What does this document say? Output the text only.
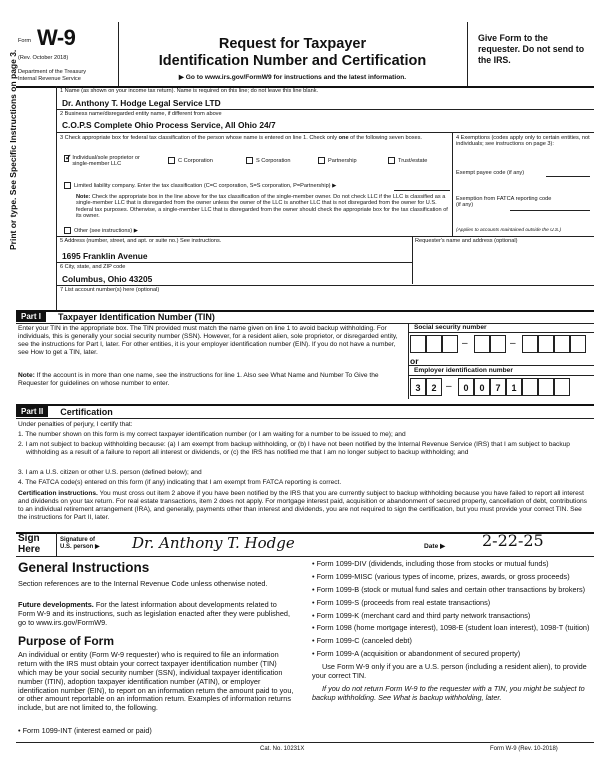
Form W-9
(Rev. October 2018)
Department of the Treasury
Internal Revenue Service
Request for Taxpayer
Identification Number and Certification
▶ Go to www.irs.gov/FormW9 for instructions and the latest information.
Give Form to the requester. Do not send to the IRS.
Print or type. See Specific Instructions on page 3.	1 Name (as shown on your income tax return). Name is required on this line; do not leave this line blank.
Dr. Anthony T. Hodge Legal Service LTD
2 Business name/disregarded entity name, if different from above
C.O.P.S Complete Ohio Process Service, All Ohio 24/7
3 Check appropriate box for federal tax classification of the person whose name is entered on line 1. Check only one of the following seven boxes.
✓
Individual/sole proprietor or single-member LLC
C Corporation	S Corporation	Partnership	Trust/estate
Limited liability company. Enter the tax classification (C=C corporation, S=S corporation, P=Partnership) ▶
Note: Check the appropriate box in the line above for the tax classification of the single-member owner. Do not check LLC if the LLC is classified as a single-member LLC that is disregarded from the owner unless the owner of the LLC is another LLC that is not disregarded from the owner for U.S. federal tax purposes. Otherwise, a single-member LLC that is disregarded from the owner should check the appropriate box for the tax classification of its owner.
Other (see instructions) ▶
4 Exemptions (codes apply only to certain entities, not individuals; see instructions on page 3):
Exempt payee code (if any)
Exemption from FATCA reporting code (if any)
(Applies to accounts maintained outside the U.S.)
5 Address (number, street, and apt. or suite no.) See instructions.
1695 Franklin Avenue
Requester's name and address (optional)
6 City, state, and ZIP code
Columbus, Ohio 43205
7 List account number(s) here (optional)
Part I	Taxpayer Identification Number (TIN)
Enter your TIN in the appropriate box. The TIN provided must match the name given on line 1 to avoid backup withholding. For individuals, this is generally your social security number (SSN). However, for a resident alien, sole proprietor, or disregarded entity, see the instructions for Part I, later. For other entities, it is your employer identification number (EIN). If you do not have a number, see How to get a TIN, later.
Note: If the account is in more than one name, see the instructions for line 1. Also see What Name and Number To Give the Requester for guidelines on whose number to enter.
Social security number
–	–
or
Employer identification number
3	2 –	0	0	7	1
Part II	Certification
Under penalties of perjury, I certify that:
1. The number shown on this form is my correct taxpayer identification number (or I am waiting for a number to be issued to me); and
2. I am not subject to backup withholding because: (a) I am exempt from backup withholding, or (b) I have not been notified by the Internal Revenue Service (IRS) that I am subject to backup withholding as a result of a failure to report all interest or dividends, or (c) the IRS has notified me that I am no longer subject to backup withholding; and
3. I am a U.S. citizen or other U.S. person (defined below); and
4. The FATCA code(s) entered on this form (if any) indicating that I am exempt from FATCA reporting is correct.
Certification instructions. You must cross out item 2 above if you have been notified by the IRS that you are currently subject to backup withholding because you have failed to report all interest and dividends on your tax return. For real estate transactions, item 2 does not apply. For mortgage interest paid, acquisition or abandonment of secured property, cancellation of debt, contributions to an individual retirement arrangement (IRA), and generally, payments other than interest and dividends, you are not required to sign the certification, but you must provide your correct TIN. See the instructions for Part II, later.
Sign
Here
Signature of
U.S. person ▶ Dr. Anthony T. Hodge	Date ▶ 2-22-25
General Instructions
Section references are to the Internal Revenue Code unless otherwise noted.
Future developments. For the latest information about developments related to Form W-9 and its instructions, such as legislation enacted after they were published, go to www.irs.gov/FormW9.
Purpose of Form
An individual or entity (Form W-9 requester) who is required to file an information return with the IRS must obtain your correct taxpayer identification number (TIN) which may be your social security number (SSN), individual taxpayer identification number (ITIN), adoption taxpayer identification number (ATIN), or employer identification number (EIN), to report on an information return the amount paid to you, or other amount reportable on an information return. Examples of information returns include, but are not limited to, the following.
• Form 1099-INT (interest earned or paid)
• Form 1099-DIV (dividends, including those from stocks or mutual funds)
• Form 1099-MISC (various types of income, prizes, awards, or gross proceeds)
• Form 1099-B (stock or mutual fund sales and certain other transactions by brokers)
• Form 1099-S (proceeds from real estate transactions)
• Form 1099-K (merchant card and third party network transactions)
• Form 1098 (home mortgage interest), 1098-E (student loan interest), 1098-T (tuition)
• Form 1099-C (canceled debt)
• Form 1099-A (acquisition or abandonment of secured property)
Use Form W-9 only if you are a U.S. person (including a resident alien), to provide your correct TIN.
If you do not return Form W-9 to the requester with a TIN, you might be subject to backup withholding. See What is backup withholding, later.
Cat. No. 10231X	Form W-9 (Rev. 10-2018)
